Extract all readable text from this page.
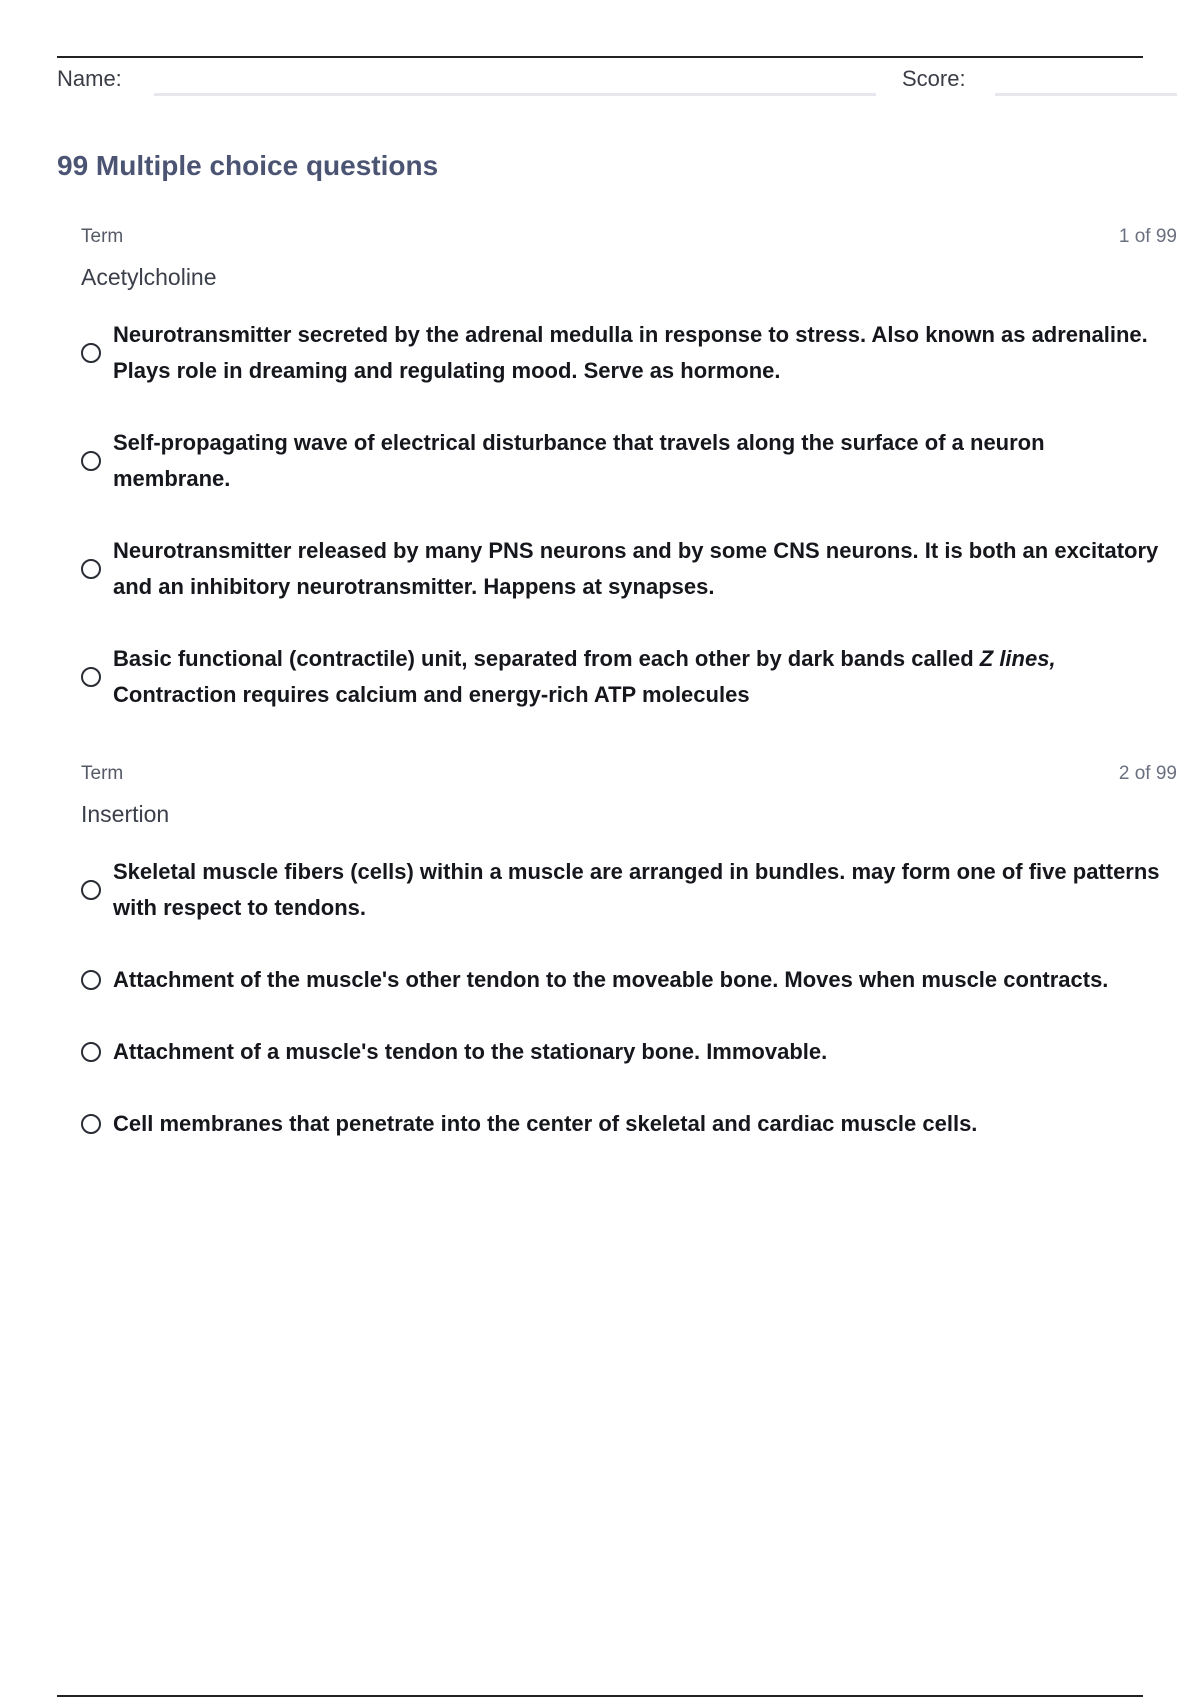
Name:	Score:
99 Multiple choice questions
Term	1 of 99
Acetylcholine
Neurotransmitter secreted by the adrenal medulla in response to stress. Also known as adrenaline. Plays role in dreaming and regulating mood. Serve as hormone.
Self-propagating wave of electrical disturbance that travels along the surface of a neuron membrane.
Neurotransmitter released by many PNS neurons and by some CNS neurons. It is both an excitatory and an inhibitory neurotransmitter. Happens at synapses.
Basic functional (contractile) unit, separated from each other by dark bands called Z lines, Contraction requires calcium and energy-rich ATP molecules
Term	2 of 99
Insertion
Skeletal muscle fibers (cells) within a muscle are arranged in bundles. may form one of five patterns with respect to tendons.
Attachment of the muscle's other tendon to the moveable bone. Moves when muscle contracts.
Attachment of a muscle's tendon to the stationary bone. Immovable.
Cell membranes that penetrate into the center of skeletal and cardiac muscle cells.
